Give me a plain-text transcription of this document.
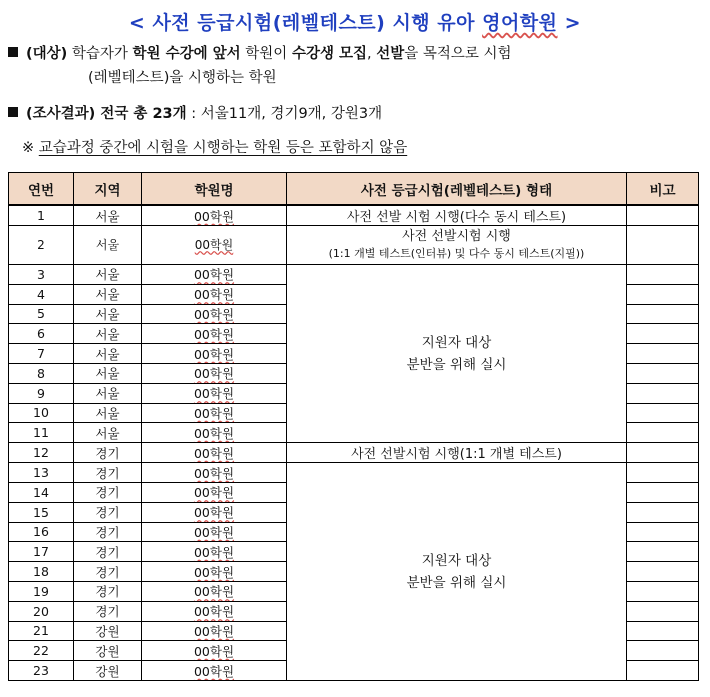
< 사전 등급시험(레벨테스트) 시행 유아 영어학원 >
(대상) 학습자가 학원 수강에 앞서 학원이 수강생 모집, 선발을 목적으로 시험
(레벨테스트)을 시행하는 학원
(조사결과) 전국 총 23개 : 서울11개, 경기9개, 강원3개
※ 교습과정 중간에 시험을 시행하는 학원 등은 포함하지 않음
연번	지역	학원명	사전 등급시험(레벨테스트) 형태	비고
1	서울	00학원	사전 선발 시험 시행(다수 동시 테스트)	
2	서울	00학원	사전 선발시험 시행
(1:1 개별 테스트(인터뷰) 및 다수 동시 테스트(지필))	

3	서울	00학원	지원자 대상
분반을 위해 실시	

4	서울	00학원		
5	서울	00학원		
6	서울	00학원		
7	서울	00학원		
8	서울	00학원		
9	서울	00학원		
10	서울	00학원		
11	서울	00학원		
12	경기	00학원	사전 선발시험 시행(1:1 개별 테스트)	
13	경기	00학원	지원자 대상
분반을 위해 실시	

14	경기	00학원		
15	경기	00학원		
16	경기	00학원		
17	경기	00학원		
18	경기	00학원		
19	경기	00학원		
20	경기	00학원		
21	강원	00학원		
22	강원	00학원		
23	강원	00학원		
